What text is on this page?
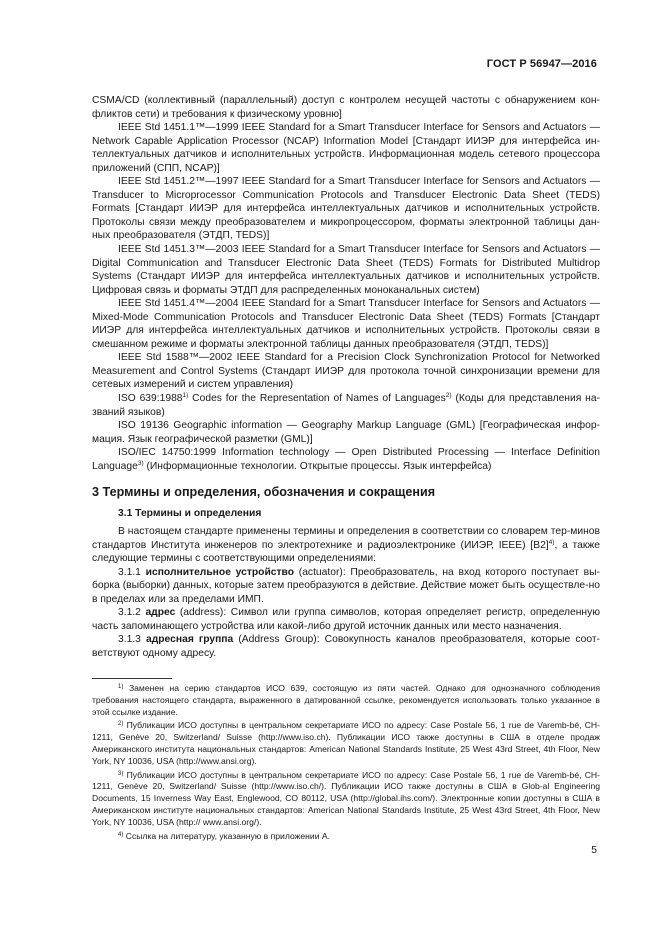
ГОСТ Р 56947—2016

CSMA/CD (коллективный (параллельный) доступ с контролем несущей частоты с обнаружением кон-фликтов сети) и требования к физическому уровню]

IEEE Std 1451.1™—1999 IEEE Standard for a Smart Transducer Interface for Sensors and Actuators — Network Capable Application Processor (NCAP) Information Model [Стандарт ИИЭР для интерфейса ин-теллектуальных датчиков и исполнительных устройств. Информационная модель сетевого процессора приложений (СПП, NCAP)]

IEEE Std 1451.2™—1997 IEEE Standard for a Smart Transducer Interface for Sensors and Actuators — Transducer to Microprocessor Communication Protocols and Transducer Electronic Data Sheet (TEDS) Formats [Стандарт ИИЭР для интерфейса интеллектуальных датчиков и исполнительных устройств. Протоколы связи между преобразователем и микропроцессором, форматы электронной таблицы дан-ных преобразователя (ЭТДП, TEDS)]

IEEE Std 1451.3™—2003 IEEE Standard for a Smart Transducer Interface for Sensors and Actuators — Digital Communication and Transducer Electronic Data Sheet (TEDS) Formats for Distributed Multidrop Systems (Стандарт ИИЭР для интерфейса интеллектуальных датчиков и исполнительных устройств. Цифровая связь и форматы ЭТДП для распределенных моноканальных систем)

IEEE Std 1451.4™—2004 IEEE Standard for a Smart Transducer Interface for Sensors and Actuators — Mixed-Mode Communication Protocols and Transducer Electronic Data Sheet (TEDS) Formats [Стандарт ИИЭР для интерфейса интеллектуальных датчиков и исполнительных устройств. Протоколы связи в смешанном режиме и форматы электронной таблицы данных преобразователя (ЭТДП, TEDS)]

IEEE Std 1588™—2002 IEEE Standard for a Precision Clock Synchronization Protocol for Networked Measurement and Control Systems (Стандарт ИИЭР для протокола точной синхронизации времени для сетевых измерений и систем управления)

ISO 639:1988$^{1)}$ Codes for the Representation of Names of Languages$^{2)}$ (Коды для представления на-званий языков)

ISO 19136 Geographic information — Geography Markup Language (GML) [Географическая инфор-мация. Язык географической разметки (GML)]

ISO/IEC 14750:1999 Information technology — Open Distributed Processing — Interface Definition Language$^{3)}$ (Информационные технологии. Открытые процессы. Язык интерфейса)

3 Термины и определения, обозначения и сокращения
3.1 Термины и определения

В настоящем стандарте применены термины и определения в соответствии со словарем тер-минов стандартов Института инженеров по электротехнике и радиоэлектронике (ИИЭР, IEEE) $[B2]^{4)}$, а также следующие термины с соответствующими определениями:

3.1.1 исполнительное устройство (actuator): Преобразователь, на вход которого поступает вы-борка (выборки) данных, которые затем преобразуются в действие. Действие может быть осуществле-но в пределах или за пределами ИМП.

3.1.2 адрес (address): Символ или группа символов, которая определяет регистр, определенную часть запоминающего устройства или какой-либо другой источник данных или место назначения.

3.1.3 адресная группа (Address Group): Совокупность каналов преобразователя, которые соот-ветствуют одному адресу.

$^{1)}$ Заменен на серию стандартов ИСО 639, состоящую из пяти частей. Однако для однозначного соблюдения требования настоящего стандарта, выраженного в датированной ссылке, рекомендуется использовать только указанное в этой ссылке издание.

$^{2)}$ Публикации ИСО доступны в центральном секретариате ИСО по адресу: Case Postale 56, 1 rue de Varemb-bé, CH-1211, Genève 20, Switzerland/ Suisse (http://www.iso.ch). Публикации ИСО также доступны в США в отделе продаж Американского института национальных стандартов: American National Standards Institute, 25 West 43rd Street, 4th Floor, New York, NY 10036, USA (http://www.ansi.org).

$^{3)}$ Публикации ИСО доступны в центральном секретариате ИСО по адресу: Case Postale 56, 1 rue de Varemb-bé, CH-1211, Genève 20, Switzerland/ Suisse (http://www.iso.ch/). Публикации ИСО также доступны в США в Glob-al Engineering Documents, 15 Inverness Way East, Englewood, CO 80112, USA (http://global.ihs.com/). Электронные копии доступны в США в Американском институте национальных стандартов: American National Standards Institute, 25 West 43rd Street, 4th Floor, New York, NY 10036, USA (http:// www.ansi.org/).

$^{4)}$ Ссылка на литературу, указанную в приложении А.

5
